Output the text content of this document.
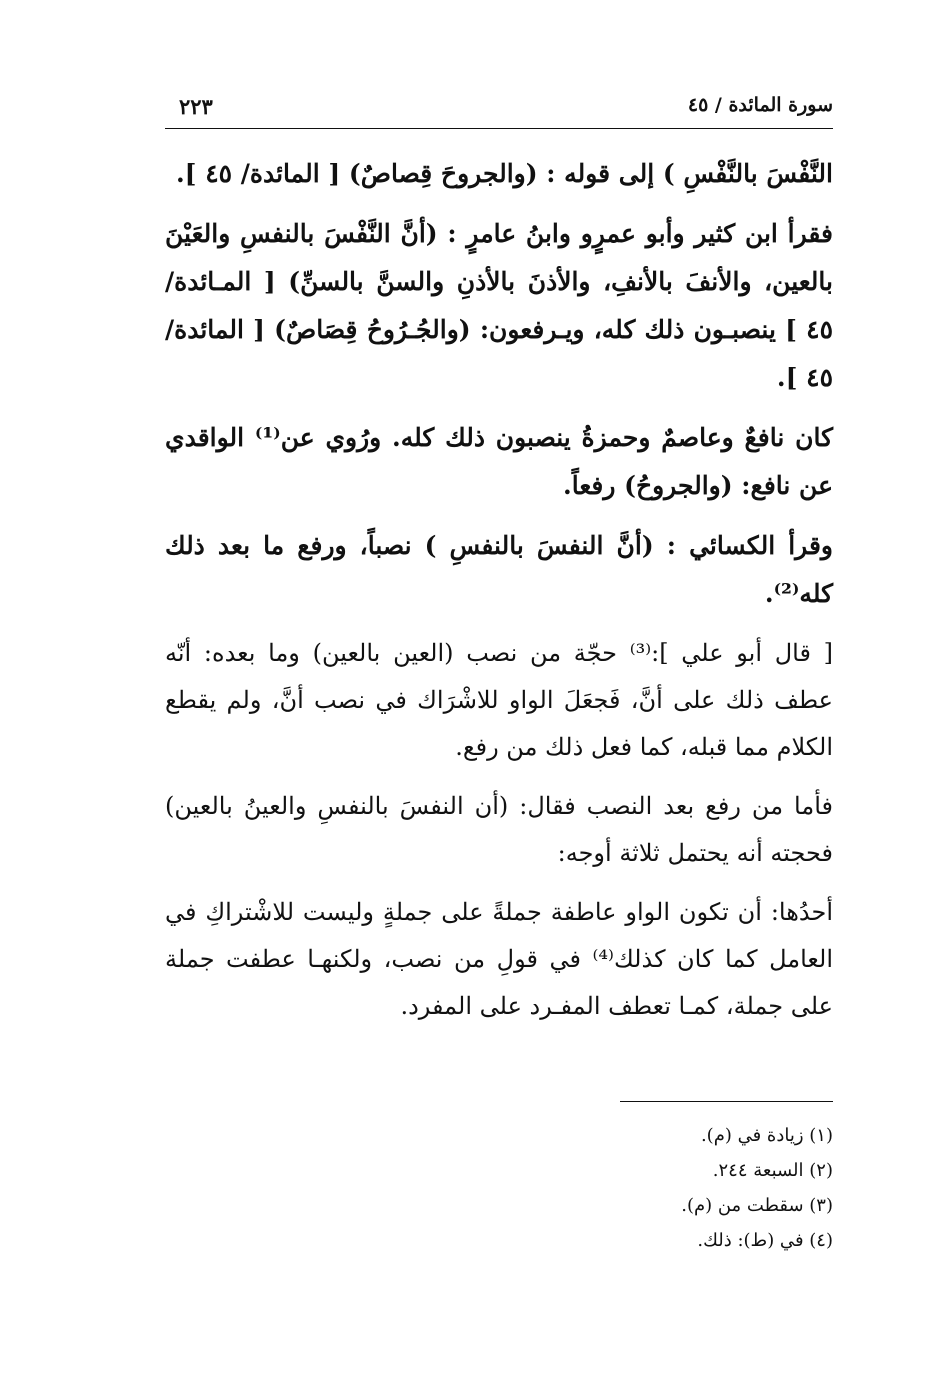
سورة المائدة / ٤٥
٢٢٣

النَّفْسَ بالنَّفْسِ ) إلى قوله : (والجروحَ قِصاصٌ) [ المائدة/ ٤٥ ].

فقرأ ابن كثير وأبو عمرٍو وابنُ عامرٍ : (أنَّ النَّفْسَ بالنفسِ والعَيْنَ بالعين، والأنفَ بالأنفِ، والأذنَ بالأذنِ والسنَّ بالسنِّ) [ المـائدة/ ٤٥ ] ينصبـون ذلك كله، ويـرفعون: (والجُـرُوحُ قِصَاصٌ) [ المائدة/ ٤٥ ].

كان نافعٌ وعاصمٌ وحمزةُ ينصبون ذلك كله. ورُوي عن⁽¹⁾ الواقدي عن نافع: (والجروحُ) رفعاً.

وقرأ الكسائي : (أنَّ النفسَ بالنفسِ ) نصباً، ورفع ما بعد ذلك كله⁽²⁾.

[ قال أبو علي ]:⁽³⁾ حجّة من نصب (العين بالعين) وما بعده: أنّه عطف ذلك على أنَّ، فَجعَلَ الواو للاشْرَاك في نصب أنَّ، ولم يقطع الكلام مما قبله، كما فعل ذلك من رفع.

فأما من رفع بعد النصب فقال: (أن النفسَ بالنفسِ والعينُ بالعين) فحجته أنه يحتمل ثلاثة أوجه:

أحدُها: أن تكون الواو عاطفة جملةً على جملةٍ وليست للاشْتراكِ في العامل كما كان كذلك⁽⁴⁾ في قولِ من نصب، ولكنهـا عطفت جملة على جملة، كمـا تعطف المفـرد على المفرد.

(١) زيادة في (م).

(٢) السبعة ٢٤٤.

(٣) سقطت من (م).

(٤) في (ط): ذلك.
